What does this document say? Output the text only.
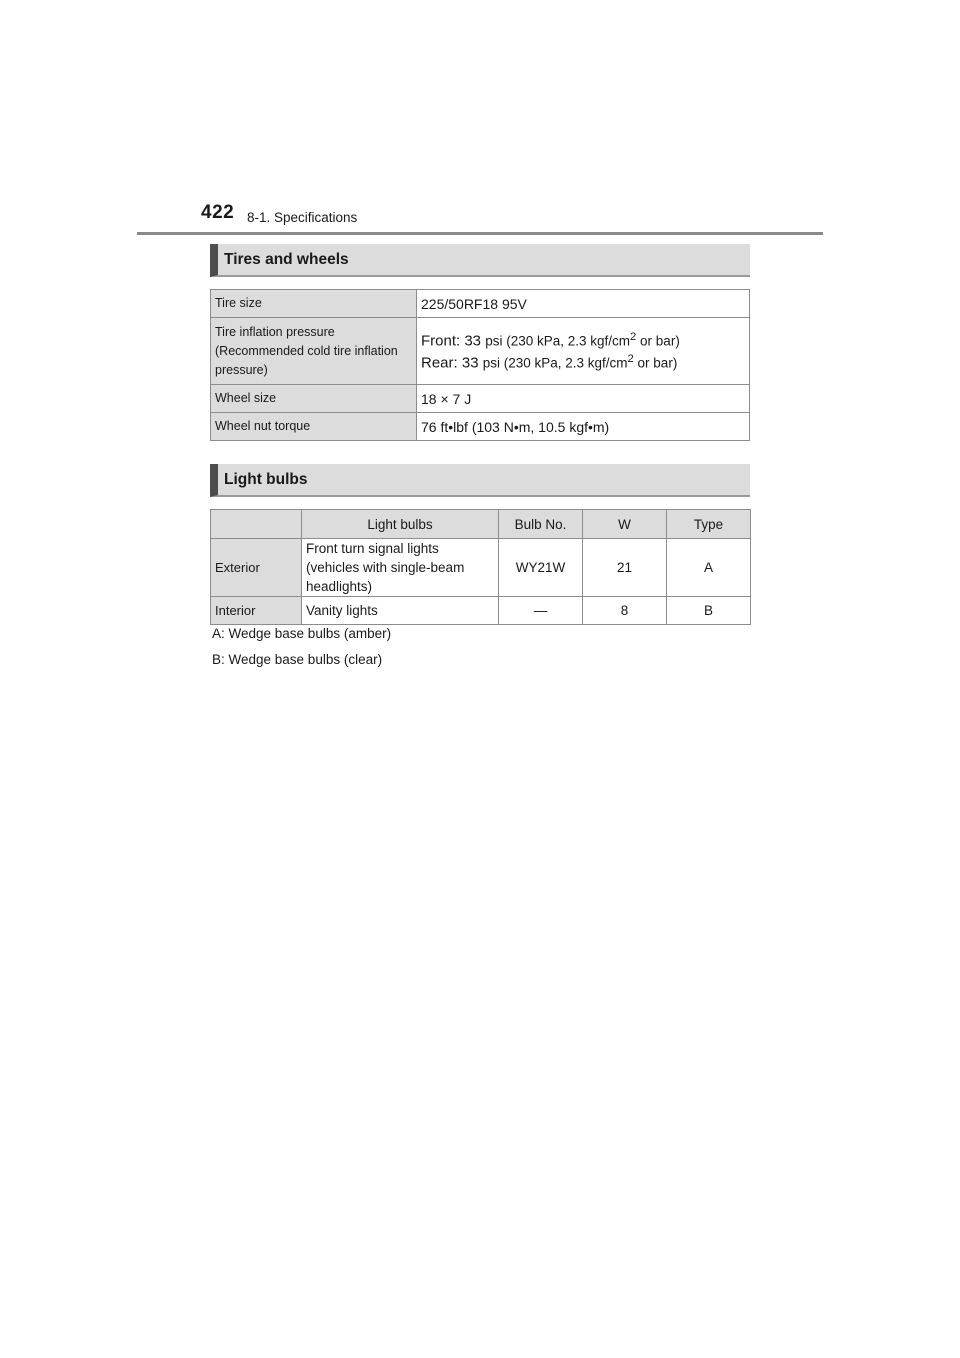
422 8-1. Specifications
Tires and wheels
Tire size	225/50RF18 95V
Tire inflation pressure (Recommended cold tire inflation pressure)	Front: 33 psi (230 kPa, 2.3 kgf/$cm^2$ or bar)
Rear: 33 psi (230 kPa, 2.3 kgf/$cm^2$ or bar)

Wheel size	18 × 7 J
Wheel nut torque	76 ft•lbf (103 N•m, 10.5 kgf•m)
Light bulbs
	Light bulbs	Bulb No.	W	Type
Exterior	Front turn signal lights (vehicles with single-beam headlights)	WY21W	21	A
Interior	Vanity lights	—	8	B
A: Wedge base bulbs (amber)
B: Wedge base bulbs (clear)
